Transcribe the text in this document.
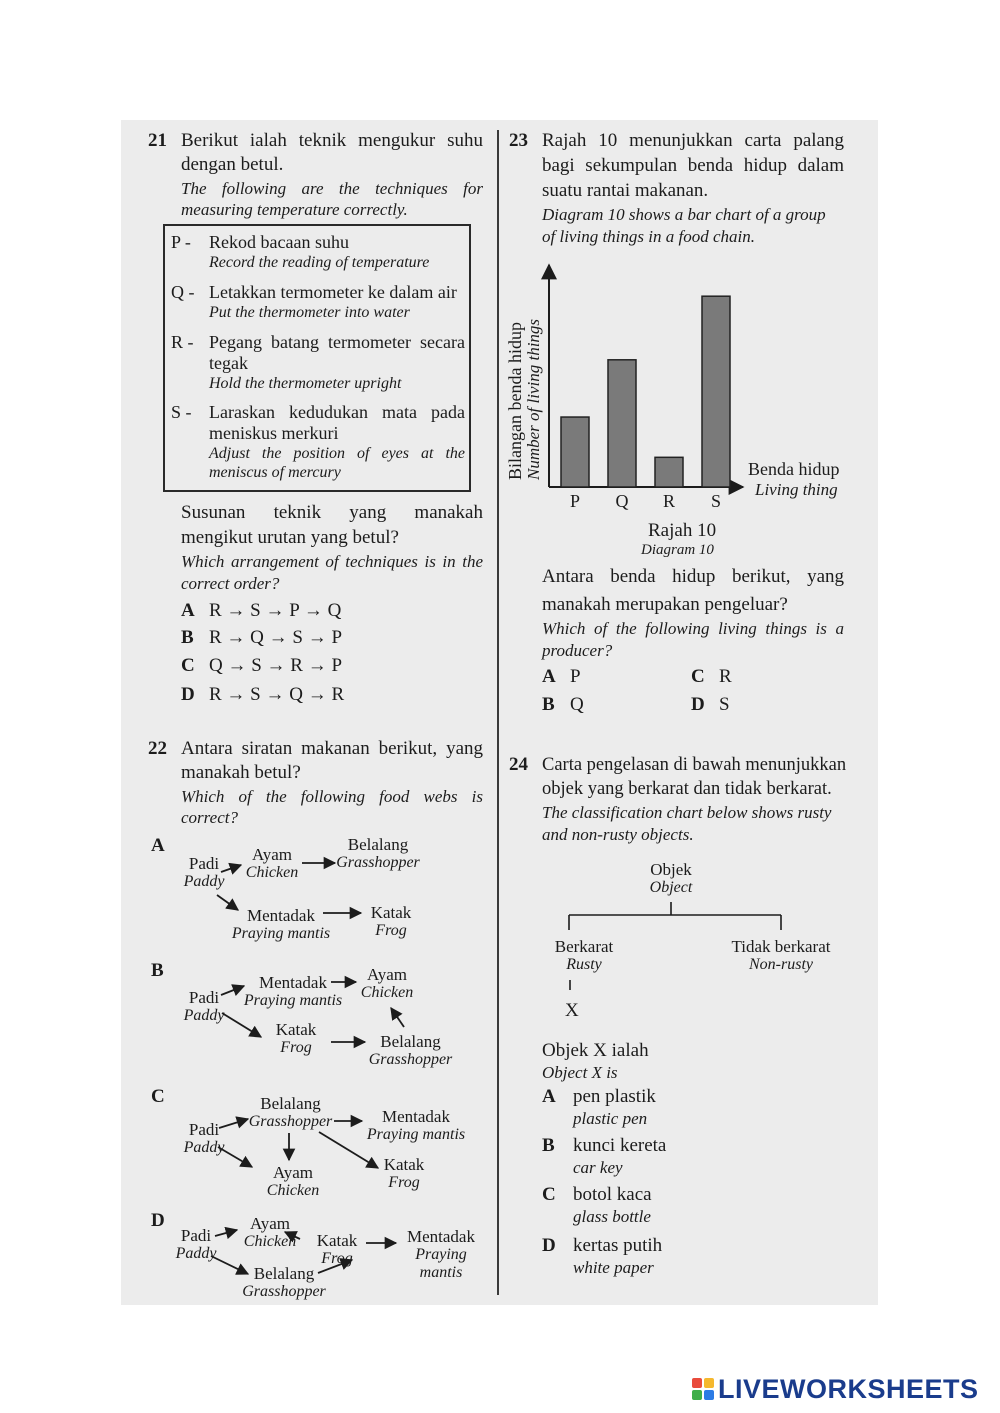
21 Berikut ialah teknik mengukur suhu
dengan betul.
The following are the techniques for
measuring temperature correctly.
P - Rekod bacaan suhu
Record the reading of temperature
Q - Letakkan termometer ke dalam air
Put the thermometer into water
R - Pegang batang termometer secara
tegak
Hold the thermometer upright
S - Laraskan kedudukan mata pada
meniskus merkuri
Adjust the position of eyes at the
meniscus of mercury
Susunan teknik yang manakah
mengikut urutan yang betul?
Which arrangement of techniques is in the
correct order?
A R → S → P → Q
B R → Q → S → P
C Q → S → R → P
D R → S → Q → R
22 Antara siratan makanan berikut, yang
manakah betul?
Which of the following food webs is
correct?
A
Padi
Paddy
Ayam
Chicken
Belalang
Grasshopper
Mentadak
Praying mantis
Katak
Frog
B
Padi
Paddy
Mentadak
Praying mantis
Ayam
Chicken
Katak
Frog	Belalang
Grasshopper
C
Padi
Paddy
Belalang
Grasshopper	Mentadak
Praying mantis
Ayam
Chicken
Katak
Frog
D
Padi
Paddy
Ayam
Chicken	Katak
Frog
Mentadak
Praying
mantis
Belalang
Grasshopper
23 Rajah 10 menunjukkan carta palang
bagi sekumpulan benda hidup dalam
suatu rantai makanan.
Diagram 10 shows a bar chart of a group
of living things in a food chain.
P Q R S
Bilangan benda hidup Number of living things	Benda hidup
Living thing
Rajah 10
Diagram 10
Antara benda hidup berikut, yang
manakah merupakan pengeluar?
Which of the following living things is a
producer?
A P
B Q
C R
D S
24 Carta pengelasan di bawah menunjukkan
objek yang berkarat dan tidak berkarat.
The classification chart below shows rusty
and non-rusty objects.
Objek
Object
Berkarat
Rusty
Tidak berkarat
Non-rusty
X
Objek X ialah
Object X is
A pen plastik
plastic pen
B kunci kereta
car key
C botol kaca
glass bottle
D kertas putih
white paper
LIVEWORKSHEETS
